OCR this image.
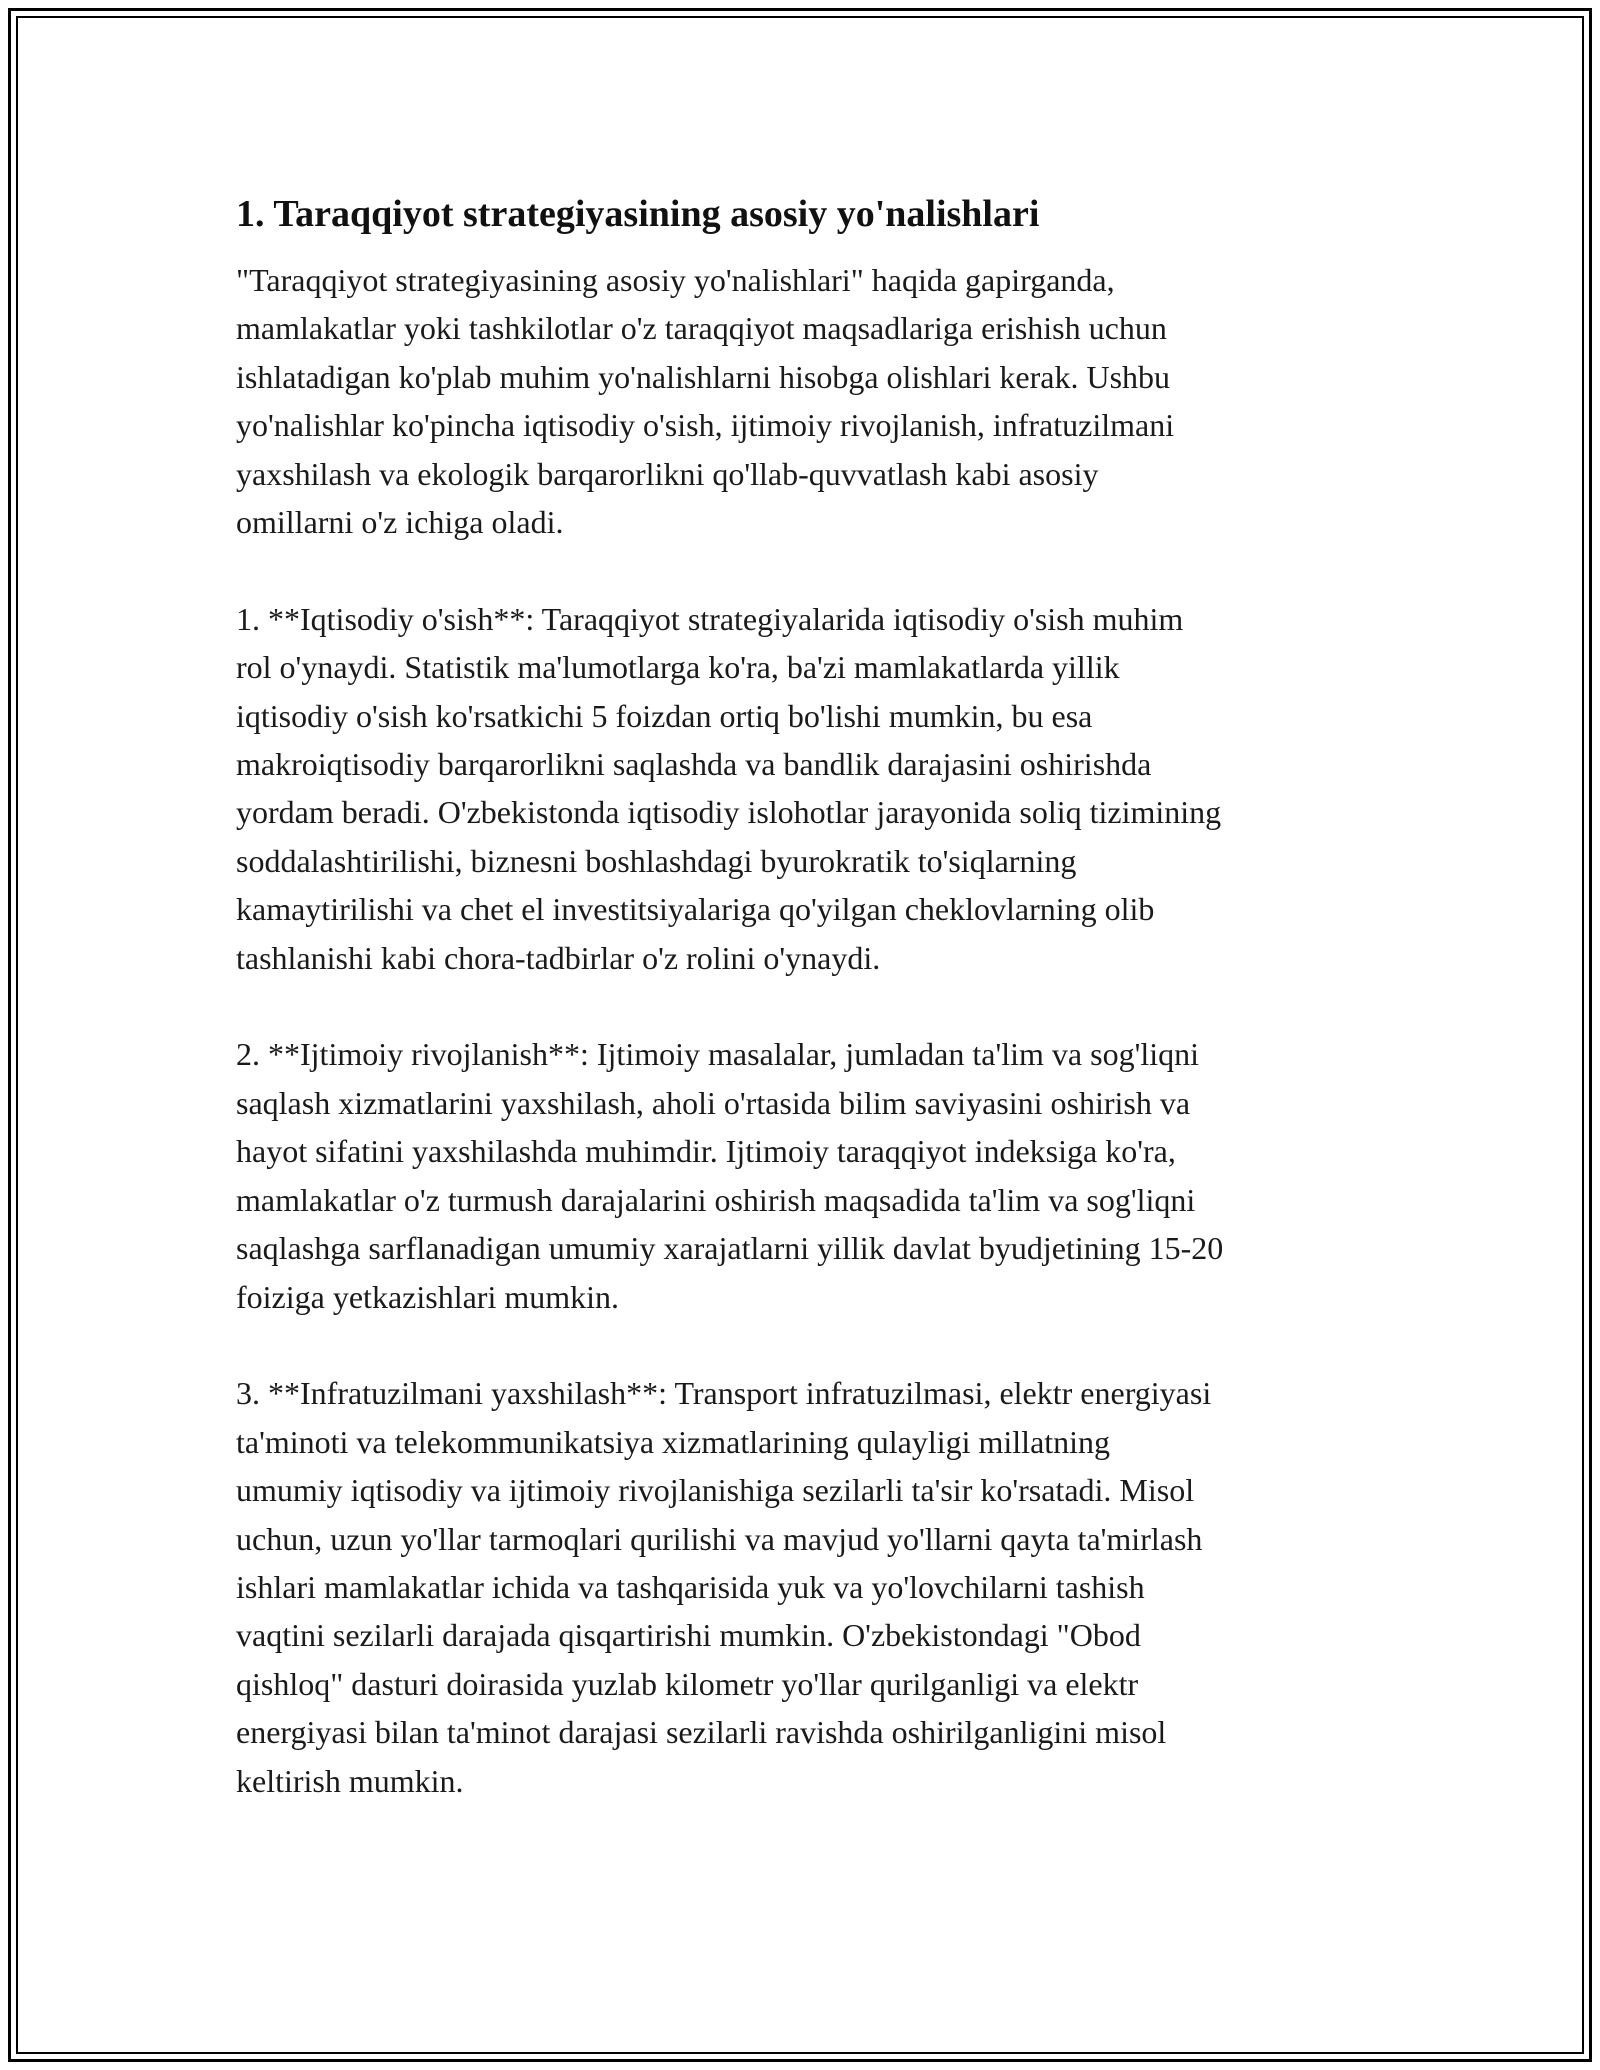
1. Taraqqiyot strategiyasining asosiy yo'nalishlari
"Taraqqiyot strategiyasining asosiy yo'nalishlari" haqida gapirganda,
mamlakatlar yoki tashkilotlar o'z taraqqiyot maqsadlariga erishish uchun
ishlatadigan ko'plab muhim yo'nalishlarni hisobga olishlari kerak. Ushbu
yo'nalishlar ko'pincha iqtisodiy o'sish, ijtimoiy rivojlanish, infratuzilmani
yaxshilash va ekologik barqarorlikni qo'llab-quvvatlash kabi asosiy
omillarni o'z ichiga oladi.
1. **Iqtisodiy o'sish**: Taraqqiyot strategiyalarida iqtisodiy o'sish muhim
rol o'ynaydi. Statistik ma'lumotlarga ko'ra, ba'zi mamlakatlarda yillik
iqtisodiy o'sish ko'rsatkichi 5 foizdan ortiq bo'lishi mumkin, bu esa
makroiqtisodiy barqarorlikni saqlashda va bandlik darajasini oshirishda
yordam beradi. O'zbekistonda iqtisodiy islohotlar jarayonida soliq tizimining
soddalashtirilishi, biznesni boshlashdagi byurokratik to'siqlarning
kamaytirilishi va chet el investitsiyalariga qo'yilgan cheklovlarning olib
tashlanishi kabi chora-tadbirlar o'z rolini o'ynaydi.
2. **Ijtimoiy rivojlanish**: Ijtimoiy masalalar, jumladan ta'lim va sog'liqni
saqlash xizmatlarini yaxshilash, aholi o'rtasida bilim saviyasini oshirish va
hayot sifatini yaxshilashda muhimdir. Ijtimoiy taraqqiyot indeksiga ko'ra,
mamlakatlar o'z turmush darajalarini oshirish maqsadida ta'lim va sog'liqni
saqlashga sarflanadigan umumiy xarajatlarni yillik davlat byudjetining 15-20
foiziga yetkazishlari mumkin.
3. **Infratuzilmani yaxshilash**: Transport infratuzilmasi, elektr energiyasi
ta'minoti va telekommunikatsiya xizmatlarining qulayligi millatning
umumiy iqtisodiy va ijtimoiy rivojlanishiga sezilarli ta'sir ko'rsatadi. Misol
uchun, uzun yo'llar tarmoqlari qurilishi va mavjud yo'llarni qayta ta'mirlash
ishlari mamlakatlar ichida va tashqarisida yuk va yo'lovchilarni tashish
vaqtini sezilarli darajada qisqartirishi mumkin. O'zbekistondagi "Obod
qishloq" dasturi doirasida yuzlab kilometr yo'llar qurilganligi va elektr
energiyasi bilan ta'minot darajasi sezilarli ravishda oshirilganligini misol
keltirish mumkin.
